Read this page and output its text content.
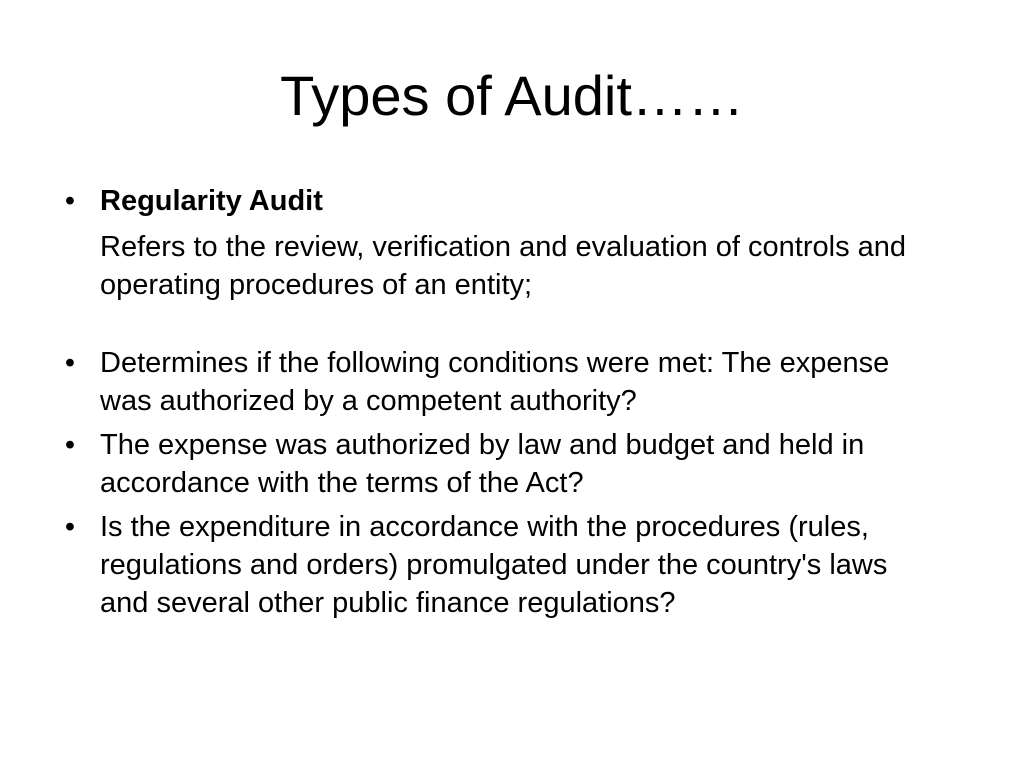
Types of Audit……
• Regularity Audit
Refers to the review, verification and evaluation of controls and operating procedures of an entity;
• Determines if the following conditions were met: The expense was authorized by a competent authority?
• The expense was authorized by law and budget and held in accordance with the terms of the Act?
• Is the expenditure in accordance with the procedures (rules, regulations and orders) promulgated under the country's laws and several other public finance regulations?
